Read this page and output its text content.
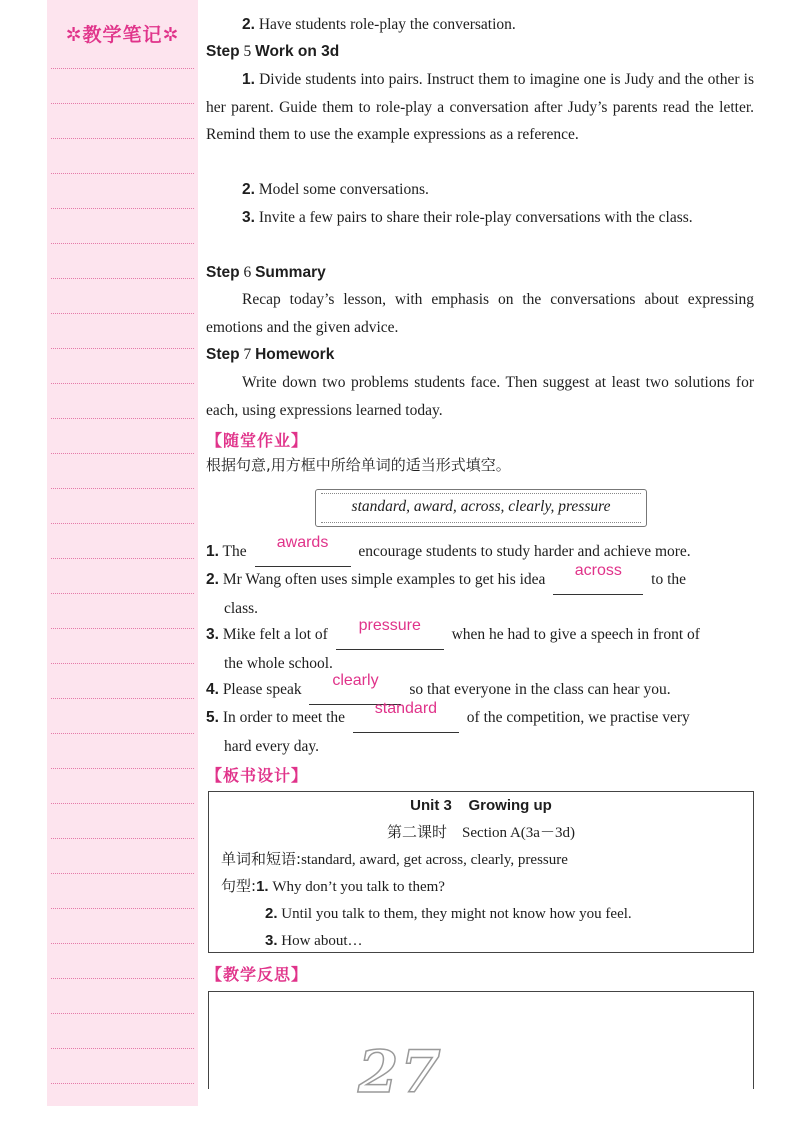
✲教学笔记✲	2. Have students role-play the conversation.

Step 5 Work on 3d

1. Divide students into pairs. Instruct them to imagine one is Judy and the other is her parent. Guide them to role-play a conversation after Judy’s parents read the letter. Remind them to use the example expressions as a reference.

2. Model some conversations.

3. Invite a few pairs to share their role-play conversations with the class.

Step 6 Summary

Recap today’s lesson, with emphasis on the conversations about expressing emotions and the given advice.

Step 7 Homework

Write down two problems students face. Then suggest at least two solutions for each, using expressions learned today.

【随堂作业】
根据句意,用方框中所给单词的适当形式填空。
standard, award, across, clearly, pressure
1. The
awards
encourage students to study harder and achieve more.
2. Mr Wang often uses simple examples to get his idea
across
to the
class.
3. Mike felt a lot of
pressure
when he had to give a speech in front of
the whole school.
4. Please speak
clearly
so that everyone in the class can hear you.
5. In order to meet the
standard
of the competition, we practise very
hard every day.
【板书设计】
Unit 3 Growing up
第二课时 Section A(3a－3d)
单词和短语:standard, award, get across, clearly, pressure
句型:1. Why don’t you talk to them?
2. Until you talk to them, they might not know how you feel.
3. How about…
【教学反思】
27
